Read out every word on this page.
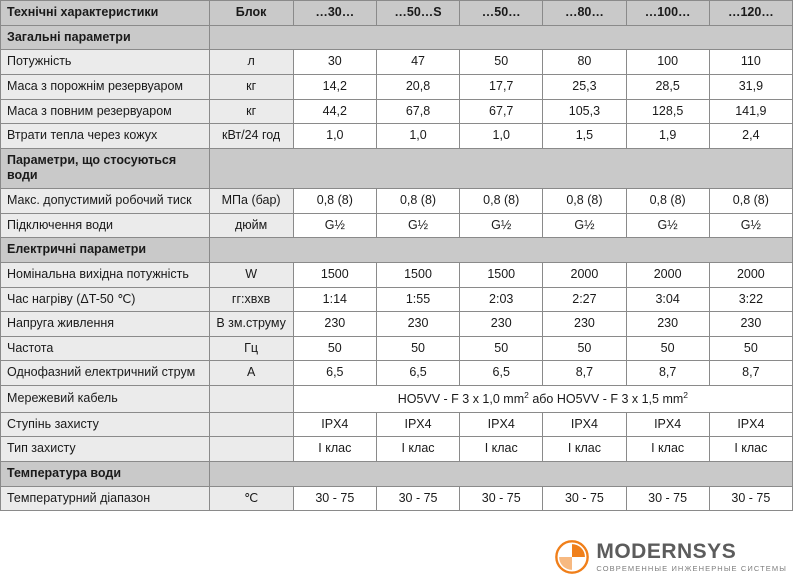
Технічні характеристики	Блок	…30…	…50…S	…50…	…80…	…100…	…120…
Загальні параметри							
Потужність	л	30	47	50	80	100	110
Маса з порожнім резервуаром	кг	14,2	20,8	17,7	25,3	28,5	31,9
Маса з повним резервуаром	кг	44,2	67,8	67,7	105,3	128,5	141,9
Втрати тепла через кожух	кВт/24 год	1,0	1,0	1,0	1,5	1,9	2,4
Параметри, що стосуються води							
Макс. допустимий робочий тиск	МПа (бар)	0,8 (8)	0,8 (8)	0,8 (8)	0,8 (8)	0,8 (8)	0,8 (8)
Підключення води	дюйм	G½	G½	G½	G½	G½	G½
Електричні параметри							
Номінальна вихідна потужність	W	1500	1500	1500	2000	2000	2000
Час нагріву (ΔT-50 ℃)	гг:хвхв	1:14	1:55	2:03	2:27	3:04	3:22
Напруга живлення	В зм.струму	230	230	230	230	230	230
Частота	Гц	50	50	50	50	50	50
Однофазний електричний струм	А	6,5	6,5	6,5	8,7	8,7	8,7
Мережевий кабель		HO5VV - F 3 x 1,0 $mm^2$ або HO5VV - F 3 x 1,5 $mm^2$
Ступінь захисту		IPX4	IPX4	IPX4	IPX4	IPX4	IPX4
Тип захисту		I клас	I клас	I клас	I клас	I клас	I клас
Температура води							
Температурний діапазон	℃	30 - 75	30 - 75	30 - 75	30 - 75	30 - 75	30 - 75
MODERNSYS
СОВРЕМЕННЫЕ ИНЖЕНЕРНЫЕ СИСТЕМЫ
